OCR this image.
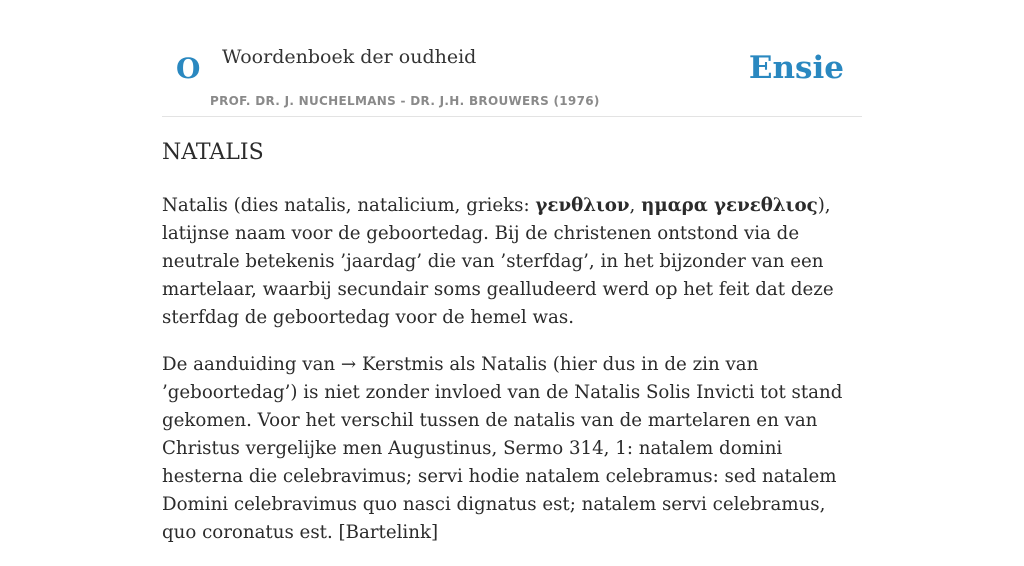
O Woordenboek der oudheid
PROF. DR. J. NUCHELMANS - DR. J.H. BROUWERS (1976)
Ensie
NATALIS

Natalis (dies natalis, natalicium, grieks: γενθλιον, ημαρα γενεθλιος), latijnse naam voor de geboortedag. Bij de christenen ontstond via de neutrale betekenis ’jaardag’ die van ’sterfdag’, in het bijzonder van een martelaar, waarbij secundair soms gealludeerd werd op het feit dat deze sterfdag de geboortedag voor de hemel was.

De aanduiding van → Kerstmis als Natalis (hier dus in de zin van ’geboortedag’) is niet zonder invloed van de Natalis Solis Invicti tot stand gekomen. Voor het verschil tussen de natalis van de martelaren en van Christus vergelijke men Augustinus, Sermo 314, 1: natalem domini hesterna die celebravimus; servi hodie natalem celebramus: sed natalem Domini celebravimus quo nasci dignatus est; natalem servi celebramus, quo coronatus est. [Bartelink]
